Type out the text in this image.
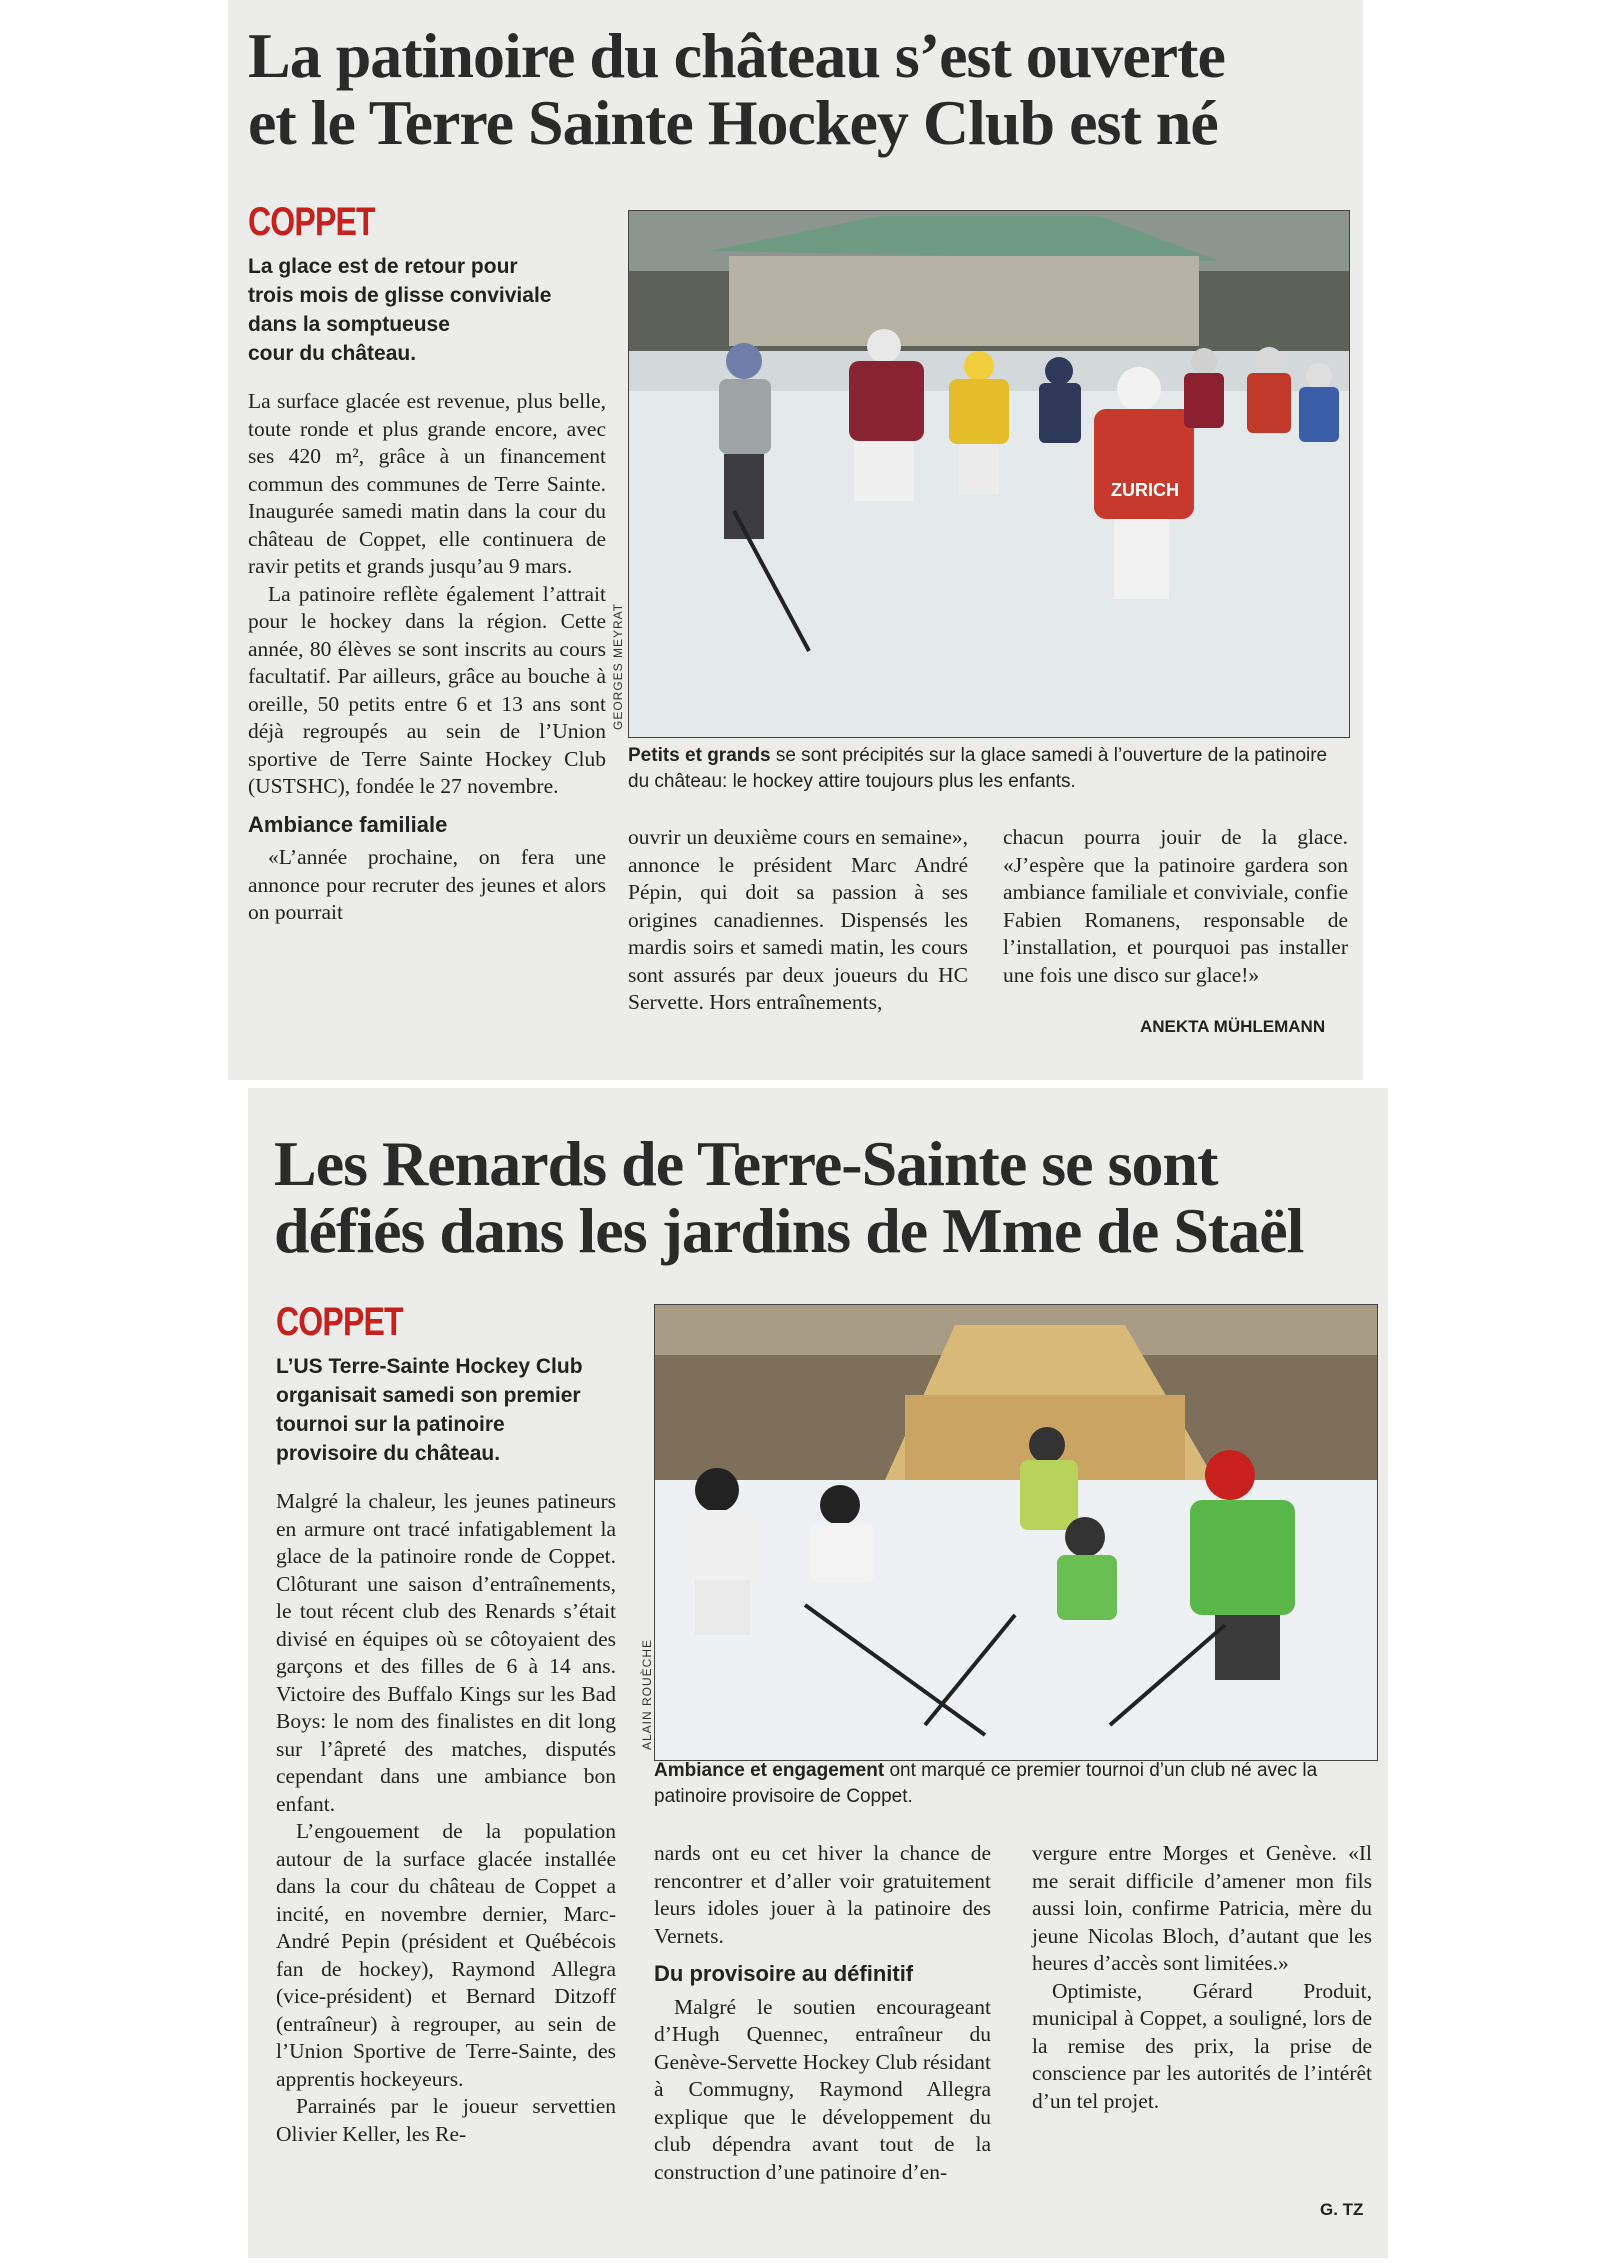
La patinoire du château s’est ouverte
et le Terre Sainte Hockey Club est né
COPPET
La glace est de retour pour
trois mois de glisse conviviale
dans la somptueuse
cour du château.

La surface glacée est revenue, plus belle, toute ronde et plus grande encore, avec ses 420 m², grâce à un financement commun des communes de Terre Sainte. Inaugurée samedi matin dans la cour du château de Coppet, elle continuera de ravir petits et grands jusqu’au 9 mars.

La patinoire reflète également l’attrait pour le hockey dans la région. Cette année, 80 élèves se sont inscrits au cours facultatif. Par ailleurs, grâce au bouche à oreille, 50 petits entre 6 et 13 ans sont déjà regroupés au sein de l’Union sportive de Terre Sainte Hockey Club (USTSHC), fondée le 27 novembre.

Ambiance familiale

«L’année prochaine, on fera une annonce pour recruter des jeunes et alors on pourrait

ZURICH
GEORGES MEYRAT
Petits et grands se sont précipités sur la glace samedi à l’ouverture de la patinoire du château: le hockey attire toujours plus les enfants.

ouvrir un deuxième cours en semaine», annonce le président Marc André Pépin, qui doit sa passion à ses origines canadiennes. Dispensés les mardis soirs et samedi matin, les cours sont assurés par deux joueurs du HC Servette. Hors entraînements,

chacun pourra jouir de la glace. «J’espère que la patinoire gardera son ambiance familiale et conviviale, confie Fabien Romanens, responsable de l’installation, et pourquoi pas installer une fois une disco sur glace!»

ANEKTA MÜHLEMANN
Les Renards de Terre-Sainte se sont
défiés dans les jardins de Mme de Staël
COPPET
L’US Terre-Sainte Hockey Club
organisait samedi son premier
tournoi sur la patinoire
provisoire du château.

Malgré la chaleur, les jeunes patineurs en armure ont tracé infatigablement la glace de la patinoire ronde de Coppet. Clôturant une saison d’entraînements, le tout récent club des Renards s’était divisé en équipes où se côtoyaient des garçons et des filles de 6 à 14 ans. Victoire des Buffalo Kings sur les Bad Boys: le nom des finalistes en dit long sur l’âpreté des matches, disputés cependant dans une ambiance bon enfant.

L’engouement de la population autour de la surface glacée installée dans la cour du château de Coppet a incité, en novembre dernier, Marc-André Pepin (président et Québécois fan de hockey), Raymond Allegra (vice-président) et Bernard Ditzoff (entraîneur) à regrouper, au sein de l’Union Sportive de Terre-Sainte, des apprentis hockeyeurs.

Parrainés par le joueur servettien Olivier Keller, les Re-

ALAIN ROUÈCHE
Ambiance et engagement ont marqué ce premier tournoi d’un club né avec la patinoire provisoire de Coppet.

nards ont eu cet hiver la chance de rencontrer et d’aller voir gratuitement leurs idoles jouer à la patinoire des Vernets.

Du provisoire au définitif

Malgré le soutien encourageant d’Hugh Quennec, entraîneur du Genève-Servette Hockey Club résidant à Commugny, Raymond Allegra explique que le développement du club dépendra avant tout de la construction d’une patinoire d’en-

vergure entre Morges et Genève. «Il me serait difficile d’amener mon fils aussi loin, confirme Patricia, mère du jeune Nicolas Bloch, d’autant que les heures d’accès sont limitées.»

Optimiste, Gérard Produit, municipal à Coppet, a souligné, lors de la remise des prix, la prise de conscience par les autorités de l’intérêt d’un tel projet.

G. TZ
